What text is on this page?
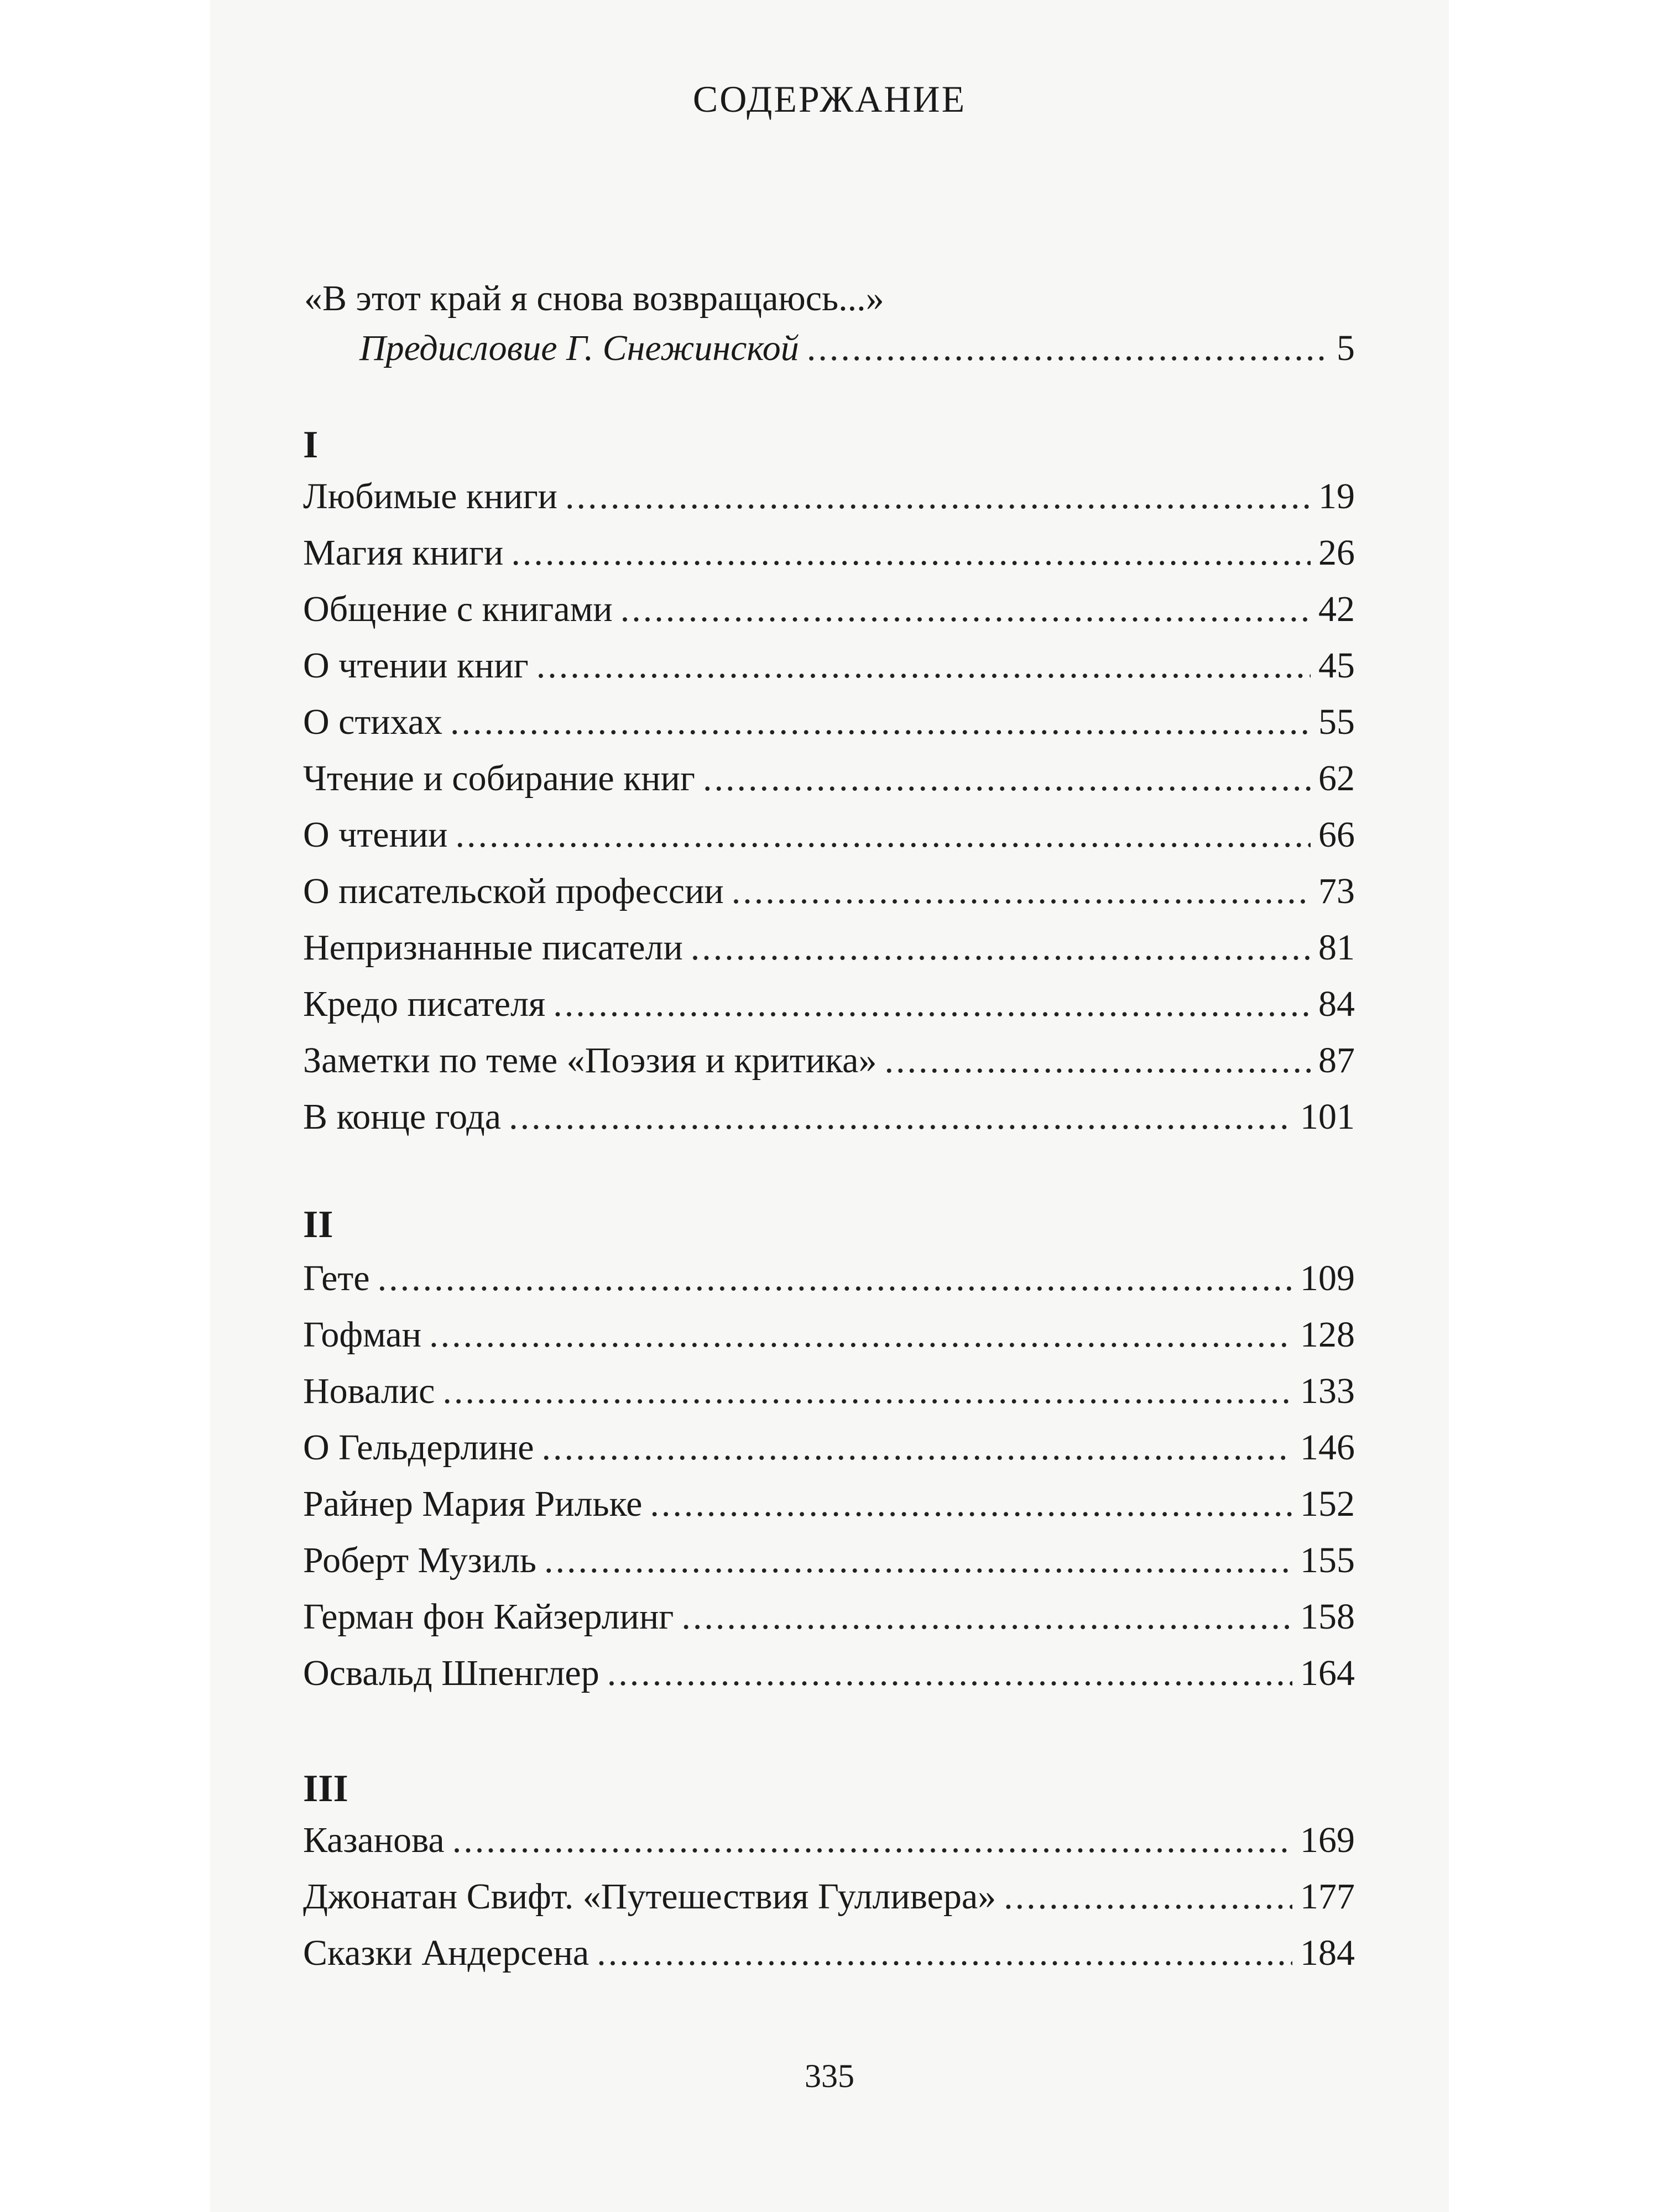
СОДЕРЖАНИЕ
«В этот край я снова возвращаюсь...»
Предисловие Г. Снежинской .....	5
I
Любимые книги .....	19
Магия книги .....	26
Общение с книгами .....	42
О чтении книг .....	45
О стихах .....	55
Чтение и собирание книг .....	62
О чтении .....	66
О писательской профессии .....	73
Непризнанные писатели .....	81
Кредо писателя .....	84
Заметки по теме «Поэзия и критика» .....	87
В конце года .....	101
II
Гете .....	109
Гофман .....	128
Новалис .....	133
О Гельдерлине .....	146
Райнер Мария Рильке .....	152
Роберт Музиль .....	155
Герман фон Кайзерлинг .....	158
Освальд Шпенглер .....	164
III
Казанова .....	169
Джонатан Свифт. «Путешествия Гулливера» .....	177
Сказки Андерсена .....	184
335
